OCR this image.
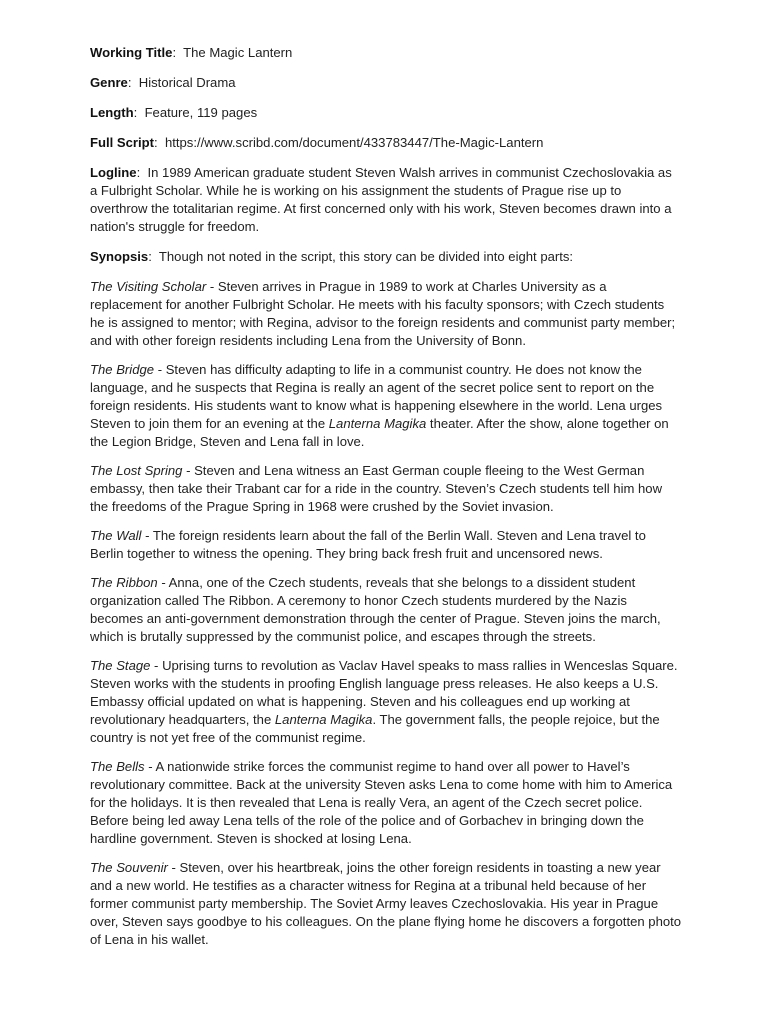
Working Title: The Magic Lantern

Genre: Historical Drama

Length: Feature, 119 pages

Full Script: https://www.scribd.com/document/433783447/The-Magic-Lantern

Logline: In 1989 American graduate student Steven Walsh arrives in communist Czechoslovakia as a Fulbright Scholar. While he is working on his assignment the students of Prague rise up to overthrow the totalitarian regime. At first concerned only with his work, Steven becomes drawn into a nation's struggle for freedom.

Synopsis: Though not noted in the script, this story can be divided into eight parts:

The Visiting Scholar - Steven arrives in Prague in 1989 to work at Charles University as a replacement for another Fulbright Scholar. He meets with his faculty sponsors; with Czech students he is assigned to mentor; with Regina, advisor to the foreign residents and communist party member; and with other foreign residents including Lena from the University of Bonn.

The Bridge - Steven has difficulty adapting to life in a communist country. He does not know the language, and he suspects that Regina is really an agent of the secret police sent to report on the foreign residents. His students want to know what is happening elsewhere in the world. Lena urges Steven to join them for an evening at the Lanterna Magika theater. After the show, alone together on the Legion Bridge, Steven and Lena fall in love.

The Lost Spring - Steven and Lena witness an East German couple fleeing to the West German embassy, then take their Trabant car for a ride in the country. Steven’s Czech students tell him how the freedoms of the Prague Spring in 1968 were crushed by the Soviet invasion.

The Wall - The foreign residents learn about the fall of the Berlin Wall. Steven and Lena travel to Berlin together to witness the opening. They bring back fresh fruit and uncensored news.

The Ribbon - Anna, one of the Czech students, reveals that she belongs to a dissident student organization called The Ribbon. A ceremony to honor Czech students murdered by the Nazis becomes an anti-government demonstration through the center of Prague. Steven joins the march, which is brutally suppressed by the communist police, and escapes through the streets.

The Stage - Uprising turns to revolution as Vaclav Havel speaks to mass rallies in Wenceslas Square. Steven works with the students in proofing English language press releases. He also keeps a U.S. Embassy official updated on what is happening. Steven and his colleagues end up working at revolutionary headquarters, the Lanterna Magika. The government falls, the people rejoice, but the country is not yet free of the communist regime.

The Bells - A nationwide strike forces the communist regime to hand over all power to Havel’s revolutionary committee. Back at the university Steven asks Lena to come home with him to America for the holidays. It is then revealed that Lena is really Vera, an agent of the Czech secret police. Before being led away Lena tells of the role of the police and of Gorbachev in bringing down the hardline government. Steven is shocked at losing Lena.

The Souvenir - Steven, over his heartbreak, joins the other foreign residents in toasting a new year and a new world. He testifies as a character witness for Regina at a tribunal held because of her former communist party membership. The Soviet Army leaves Czechoslovakia. His year in Prague over, Steven says goodbye to his colleagues. On the plane flying home he discovers a forgotten photo of Lena in his wallet.
